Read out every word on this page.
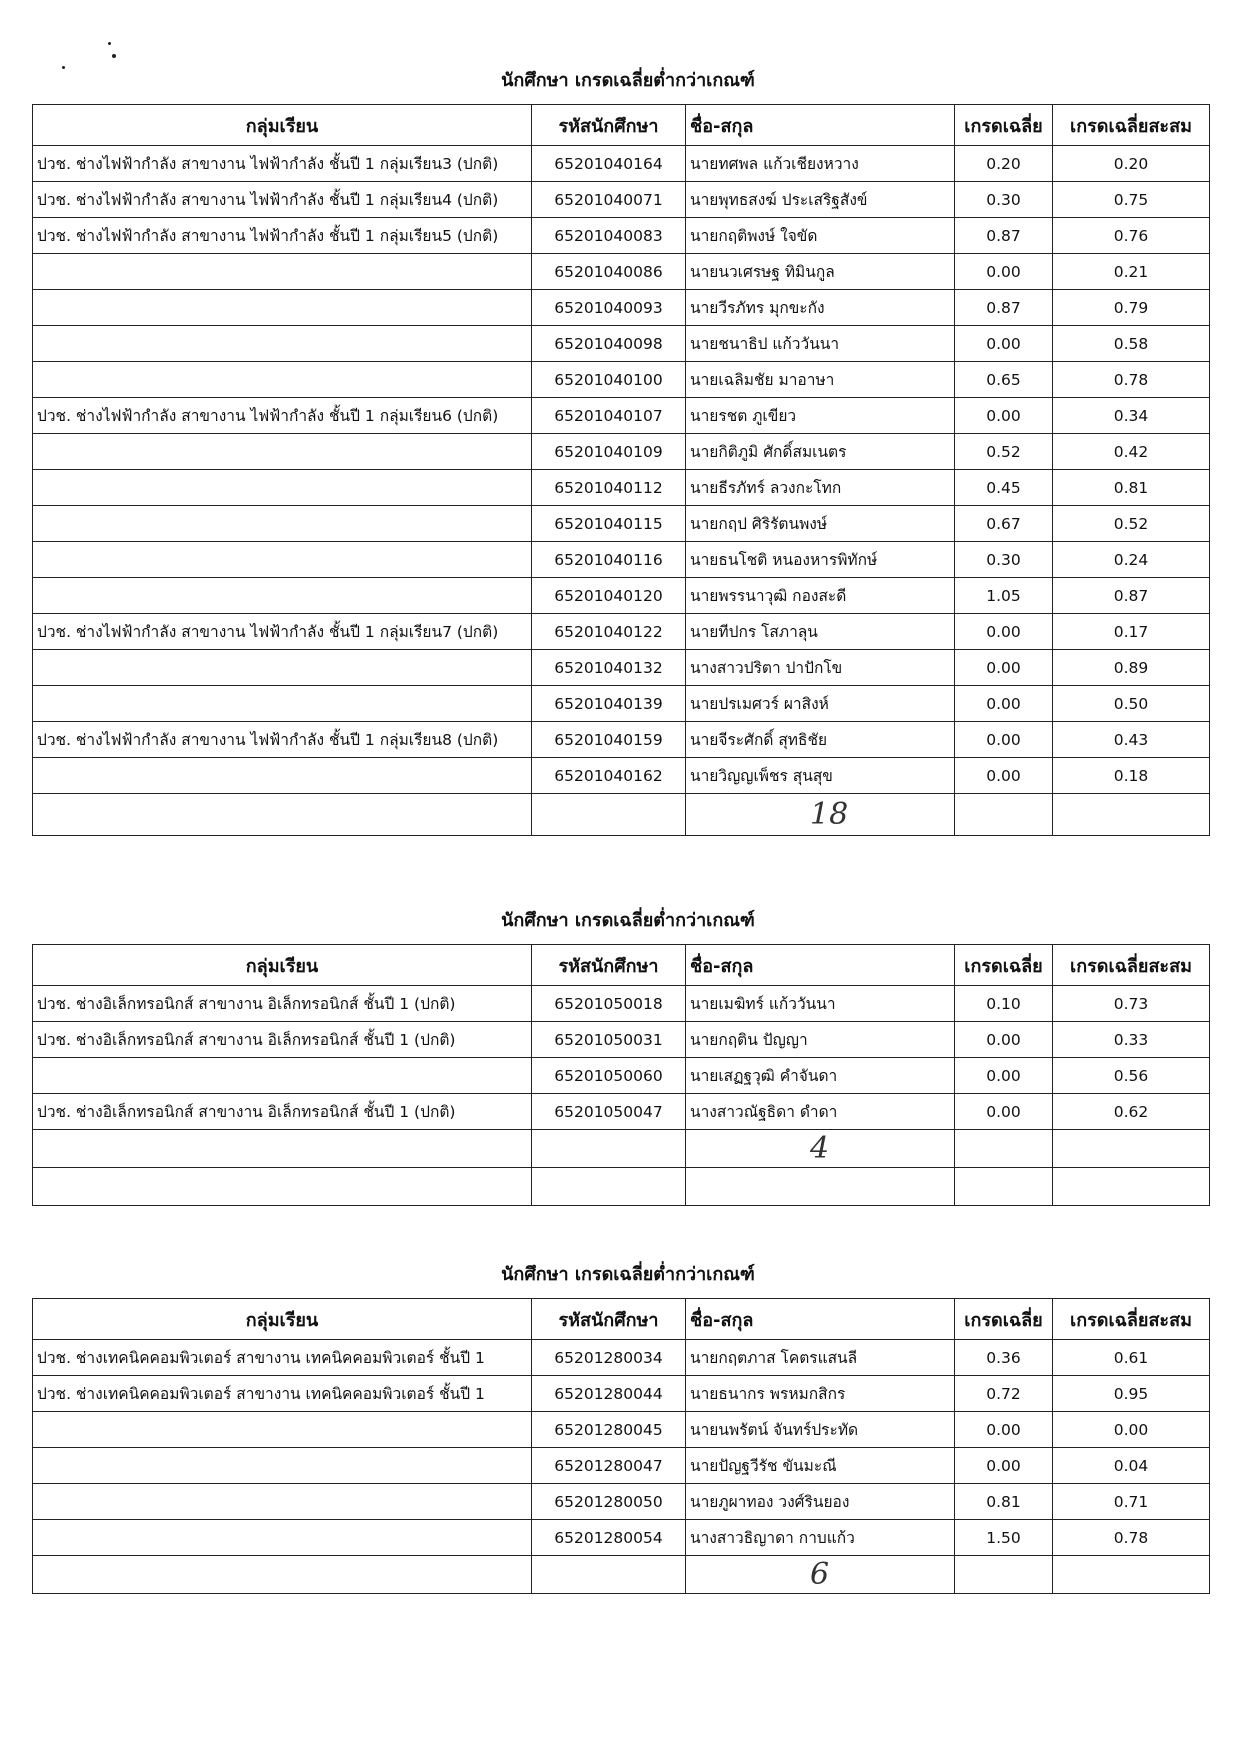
นักศึกษา เกรดเฉลี่ยต่ำกว่าเกณฑ์
กลุ่มเรียน	รหัสนักศึกษา	ชื่อ-สกุล	เกรดเฉลี่ย	เกรดเฉลี่ยสะสม
ปวช. ช่างไฟฟ้ากำลัง สาขางาน ไฟฟ้ากำลัง ชั้นปี 1 กลุ่มเรียน3 (ปกติ)	65201040164	นายทศพล แก้วเชียงหวาง	0.20	0.20
ปวช. ช่างไฟฟ้ากำลัง สาขางาน ไฟฟ้ากำลัง ชั้นปี 1 กลุ่มเรียน4 (ปกติ)	65201040071	นายพุทธสงฆ์ ประเสริฐสังข์	0.30	0.75
ปวช. ช่างไฟฟ้ากำลัง สาขางาน ไฟฟ้ากำลัง ชั้นปี 1 กลุ่มเรียน5 (ปกติ)	65201040083	นายกฤติพงษ์ ใจขัด	0.87	0.76
	65201040086	นายนวเศรษฐ ทิมินกูล	0.00	0.21
	65201040093	นายวีรภัทร มุกขะกัง	0.87	0.79
	65201040098	นายชนาธิป แก้ววันนา	0.00	0.58
	65201040100	นายเฉลิมชัย มาอาษา	0.65	0.78
ปวช. ช่างไฟฟ้ากำลัง สาขางาน ไฟฟ้ากำลัง ชั้นปี 1 กลุ่มเรียน6 (ปกติ)	65201040107	นายรชต ภูเขียว	0.00	0.34
	65201040109	นายกิติภูมิ ศักดิ์สมเนตร	0.52	0.42
	65201040112	นายธีรภัทร์ ลวงกะโทก	0.45	0.81
	65201040115	นายกฤป ศิริรัตนพงษ์	0.67	0.52
	65201040116	นายธนโชติ หนองหารพิทักษ์	0.30	0.24
	65201040120	นายพรรนาวุฒิ กองสะดี	1.05	0.87
ปวช. ช่างไฟฟ้ากำลัง สาขางาน ไฟฟ้ากำลัง ชั้นปี 1 กลุ่มเรียน7 (ปกติ)	65201040122	นายทีปกร โสภาลุน	0.00	0.17
	65201040132	นางสาวปริตา ปาปักโข	0.00	0.89
	65201040139	นายปรเมศวร์ ผาสิงห์	0.00	0.50
ปวช. ช่างไฟฟ้ากำลัง สาขางาน ไฟฟ้ากำลัง ชั้นปี 1 กลุ่มเรียน8 (ปกติ)	65201040159	นายจีระศักดิ์ สุทธิชัย	0.00	0.43
	65201040162	นายวิญญเพ็ชร สุนสุข	0.00	0.18
		18		
นักศึกษา เกรดเฉลี่ยต่ำกว่าเกณฑ์
กลุ่มเรียน	รหัสนักศึกษา	ชื่อ-สกุล	เกรดเฉลี่ย	เกรดเฉลี่ยสะสม
ปวช. ช่างอิเล็กทรอนิกส์ สาขางาน อิเล็กทรอนิกส์ ชั้นปี 1 (ปกติ)	65201050018	นายเมฆิทร์ แก้ววันนา	0.10	0.73
ปวช. ช่างอิเล็กทรอนิกส์ สาขางาน อิเล็กทรอนิกส์ ชั้นปี 1 (ปกติ)	65201050031	นายกฤติน ปัญญา	0.00	0.33
	65201050060	นายเสฏฐวุฒิ คำจันดา	0.00	0.56
ปวช. ช่างอิเล็กทรอนิกส์ สาขางาน อิเล็กทรอนิกส์ ชั้นปี 1 (ปกติ)	65201050047	นางสาวณัฐธิดา ดำดา	0.00	0.62
		4		

นักศึกษา เกรดเฉลี่ยต่ำกว่าเกณฑ์
กลุ่มเรียน	รหัสนักศึกษา	ชื่อ-สกุล	เกรดเฉลี่ย	เกรดเฉลี่ยสะสม
ปวช. ช่างเทคนิคคอมพิวเตอร์ สาขางาน เทคนิคคอมพิวเตอร์ ชั้นปี 1	65201280034	นายกฤตภาส โคตรแสนลี	0.36	0.61
ปวช. ช่างเทคนิคคอมพิวเตอร์ สาขางาน เทคนิคคอมพิวเตอร์ ชั้นปี 1	65201280044	นายธนากร พรหมกสิกร	0.72	0.95
	65201280045	นายนพรัตน์ จันทร์ประทัด	0.00	0.00
	65201280047	นายปัญฐวีรัช ขันมะณี	0.00	0.04
	65201280050	นายภูผาทอง วงศ์รินยอง	0.81	0.71
	65201280054	นางสาวธิญาดา กาบแก้ว	1.50	0.78
		6		
